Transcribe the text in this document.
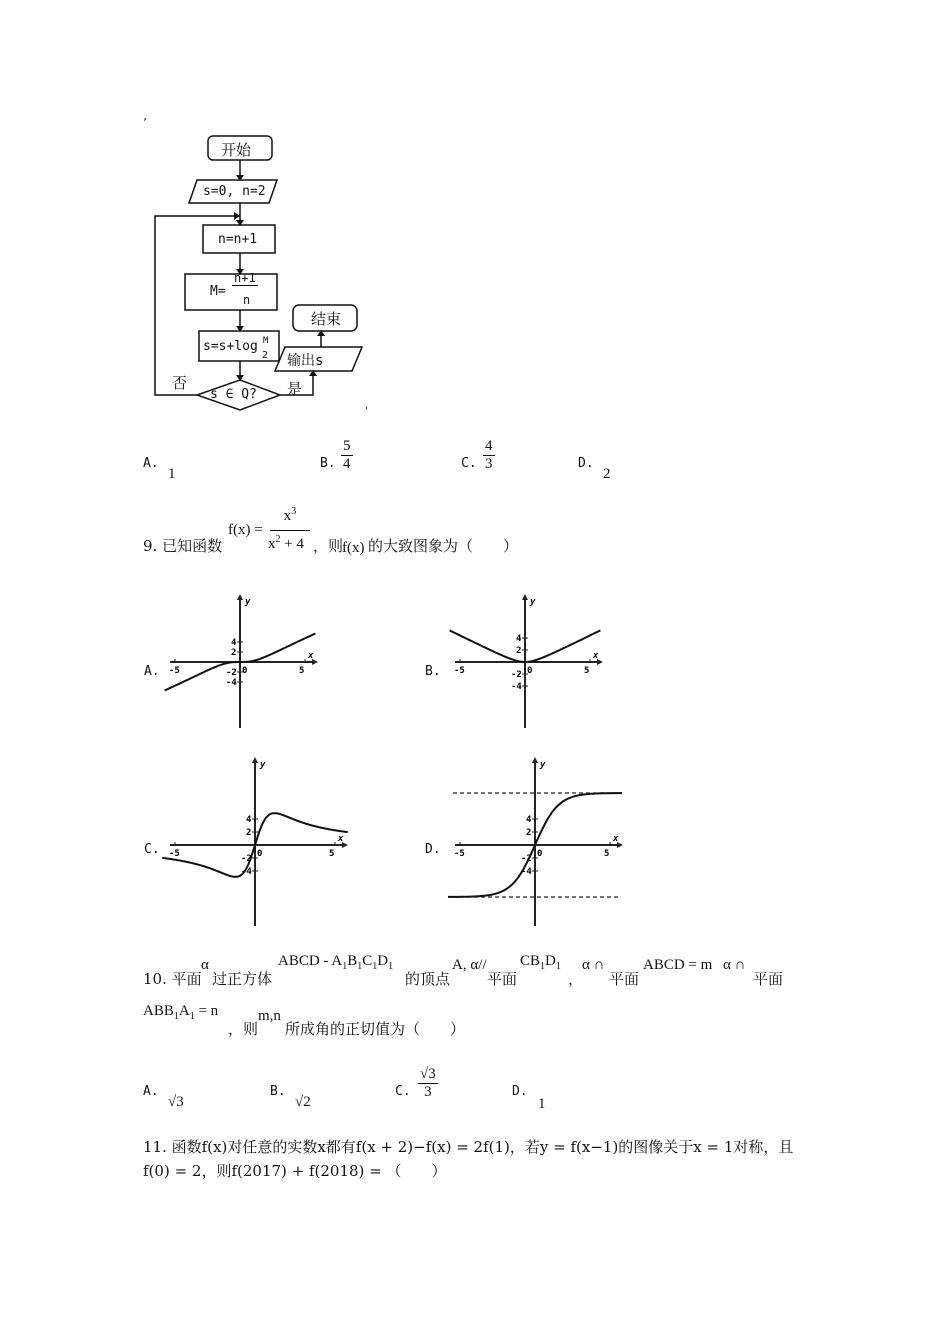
’
开始
s=0, n=2
n=n+1
M=
n+1
n
s=s+log M
2
s ∈ Q?
否	是
输出s
结束
ˌ
A.
1
B. $\frac{5}{4}$	C. $\frac{4}{3}$	D.
2
9. 已知函数
f(x) =
$x^3$
$x^2 + 4$ ，则
f(x) 的大致图象为（　　）
A.	B.
C.	D.
y
x
-5	0	5
4
2
-2
-4
y
x
-5	0	5
4
2
-2
-4
y
x
-5	0	5
4
2
-2
-4
y
x
-5	0	5
4
2
-2
-4
10. 平面
α
过正方体
ABCD - $A_1B_1C_1D_1$
的顶点
A, α//
平面
$CB_1D_1$
，
α ∩
平面
ABCD = m α ∩
平面
$ABB_1A_1 = n$
，则
m,n
所成角的正切值为（　　）
A.
√3
B.
√2
C. $\frac{√3}{3}$	D.
1
11. 函数f(x)对任意的实数x都有f(x + 2)−f(x) = 2f(1)，若y = f(x−1)的图像关于x = 1对称，且
f(0) = 2，则f(2017) + f(2018) = （　　）
